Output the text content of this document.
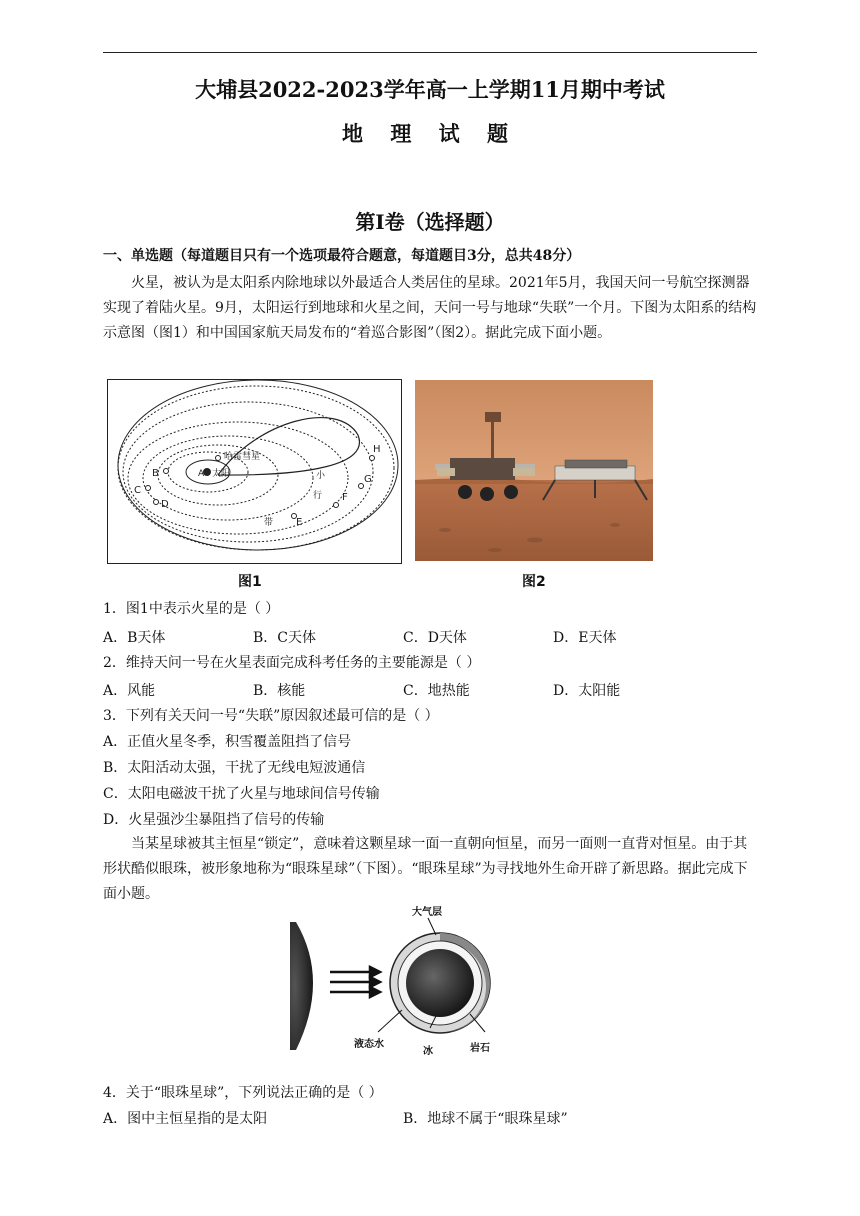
大埔县2022-2023学年高一上学期11月期中考试
地 理 试 题
第Ⅰ卷（选择题）
一、单选题（每道题目只有一个选项最符合题意，每道题目3分，总共48分）
火星，被认为是太阳系内除地球以外最适合人类居住的星球。2021年5月，我国天问一号航空探测器实现了着陆火星。9月，太阳运行到地球和火星之间，天问一号与地球“失联”一个月。下图为太阳系的结构示意图（图1）和中国国家航天局发布的“着巡合影图”（图2）。据此完成下面小题。
太阳
A
哈雷彗星
B
C
D
E
F
G
H
小
行
带
图1	图2
1．图1中表示火星的是（ ）
A．B天体	B．C天体	C．D天体	D．E天体
2．维持天问一号在火星表面完成科考任务的主要能源是（ ）
A．风能	B．核能	C．地热能	D．太阳能
3．下列有关天问一号“失联”原因叙述最可信的是（ ）
A．正值火星冬季，积雪覆盖阻挡了信号
B．太阳活动太强，干扰了无线电短波通信
C．太阳电磁波干扰了火星与地球间信号传输
D．火星强沙尘暴阻挡了信号的传输
当某星球被其主恒星“锁定”，意味着这颗星球一面一直朝向恒星，而另一面则一直背对恒星。由于其形状酷似眼珠，被形象地称为“眼珠星球”（下图）。“眼珠星球”为寻找地外生命开辟了新思路。据此完成下面小题。
大气层
液态水
冰	岩石
4．关于“眼珠星球”，下列说法正确的是（ ）
A．图中主恒星指的是太阳	B．地球不属于“眼珠星球”
